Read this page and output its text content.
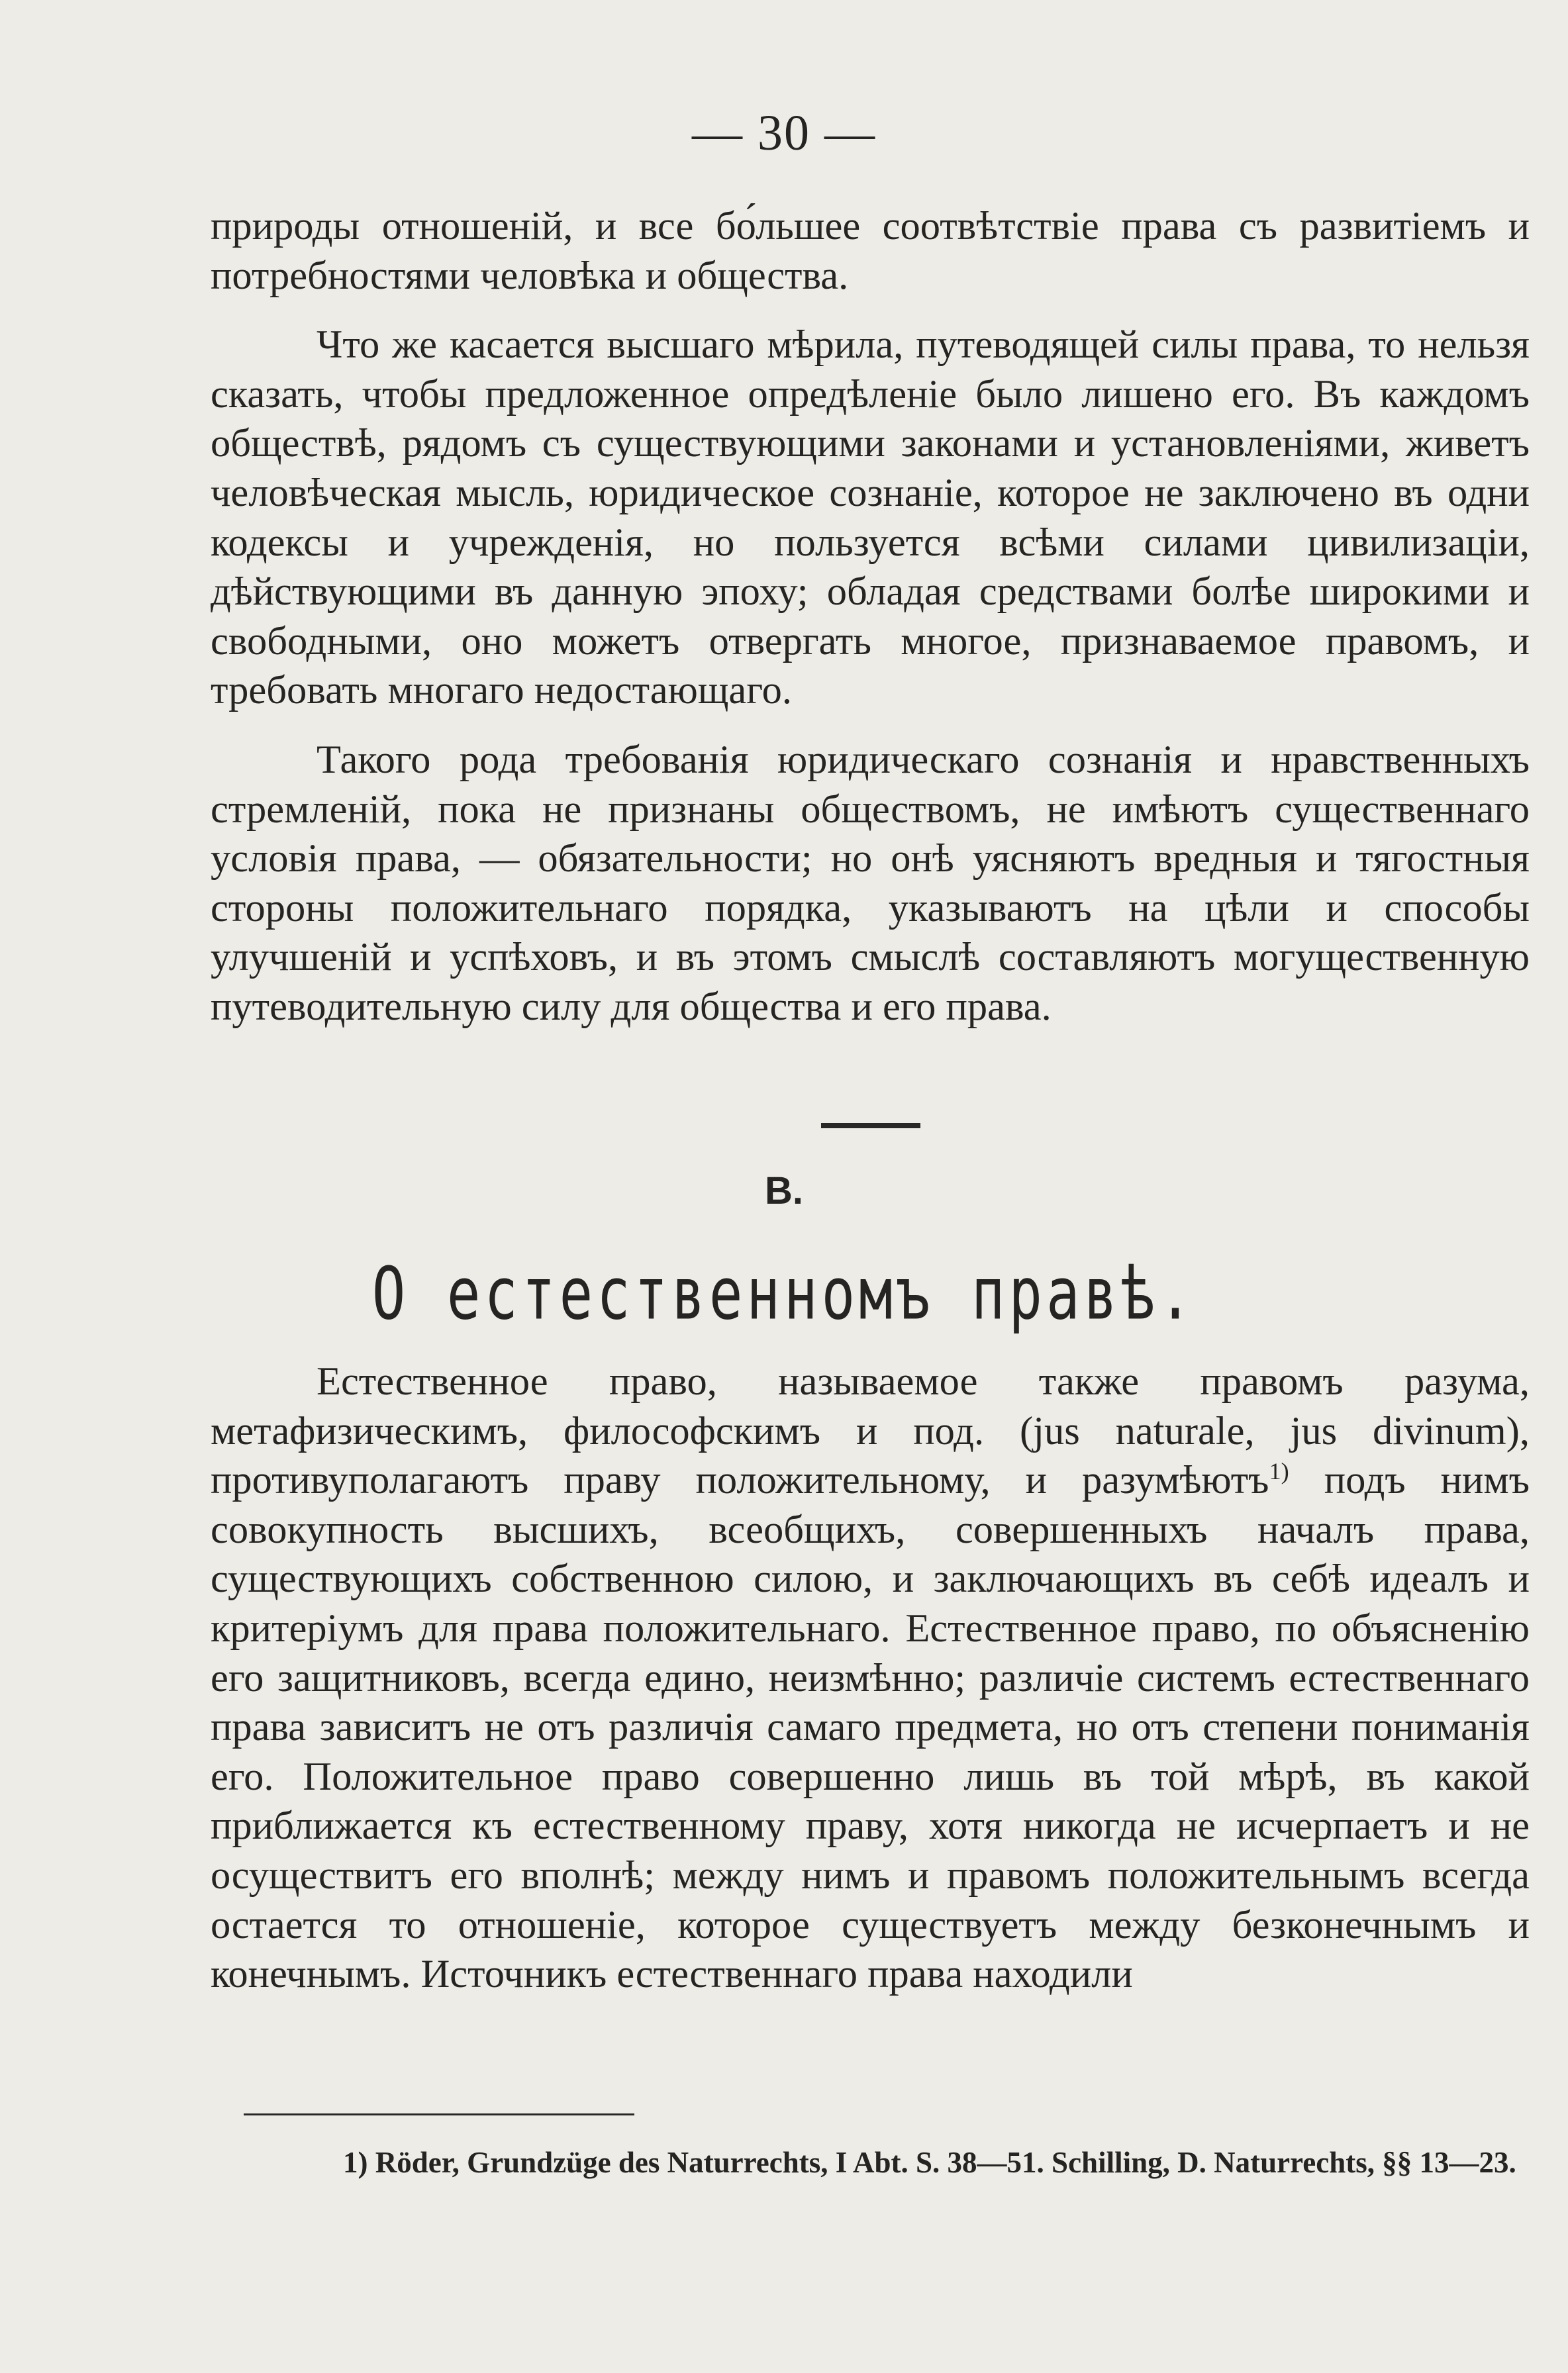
— 30 —

природы отношеній, и все бо́льшее соотвѣтствіе права съ развитіемъ и потребностями человѣка и общества.

Что же касается высшаго мѣрила, путеводящей силы права, то нельзя сказать, чтобы предложенное опредѣленіе было лишено его. Въ каждомъ обществѣ, рядомъ съ существующими законами и установленіями, живетъ человѣческая мысль, юридическое сознаніе, которое не заключено въ одни кодексы и учрежденія, но пользуется всѣми силами цивилизаціи, дѣйствующими въ данную эпоху; обладая средствами болѣе широкими и свободными, оно можетъ отвергать многое, признаваемое правомъ, и требовать многаго недостающаго.

Такого рода требованія юридическаго сознанія и нравственныхъ стремленій, пока не признаны обществомъ, не имѣютъ существеннаго условія права, — обязательности; но онѣ уясняютъ вредныя и тягостныя стороны положительнаго порядка, указываютъ на цѣли и способы улучшеній и успѣховъ, и въ этомъ смыслѣ составляютъ могущественную путеводительную силу для общества и его права.

B.
О естественномъ правѣ.

Естественное право, называемое также правомъ разума, метафизическимъ, философскимъ и под. (jus naturale, jus divinum), противуполагаютъ праву положительному, и разумѣютъ$^{1)}$ подъ нимъ совокупность высшихъ, всеобщихъ, совершенныхъ началъ права, существующихъ собственною силою, и заключающихъ въ себѣ идеалъ и критеріумъ для права положительнаго. Естественное право, по объясненію его защитниковъ, всегда едино, неизмѣнно; различіе системъ естественнаго права зависитъ не отъ различія самаго предмета, но отъ степени пониманія его. Положительное право совершенно лишь въ той мѣрѣ, въ какой приближается къ естественному праву, хотя никогда не исчерпаетъ и не осуществитъ его вполнѣ; между нимъ и правомъ положительнымъ всегда остается то отношеніе, которое существуетъ между безконечнымъ и конечнымъ. Источникъ естественнаго права находили

1) Röder, Grundzüge des Naturrechts, I Abt. S. 38—51. Schilling, D. Naturrechts, §§ 13—23.
